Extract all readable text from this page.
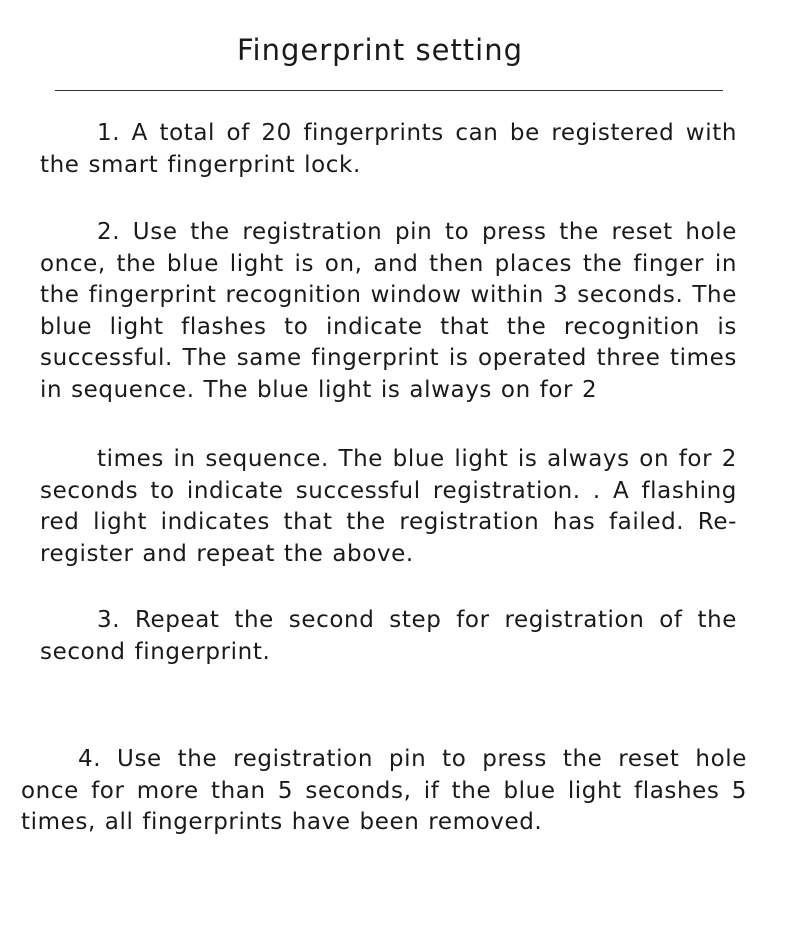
Fingerprint setting

1. A total of 20 fingerprints can be registered with the smart fingerprint lock.

2. Use the registration pin to press the reset hole once, the blue light is on, and then places the finger in the fingerprint recognition window within 3 seconds. The blue light flashes to indicate that the recognition is successful. The same fingerprint is operated three times in sequence. The blue light is always on for 2

times in sequence. The blue light is always on for 2 seconds to indicate successful registration. . A flashing red light indicates that the registration has failed. Re-register and repeat the above.

3. Repeat the second step for registration of the second fingerprint.

4. Use the registration pin to press the reset hole once for more than 5 seconds, if the blue light flashes 5 times, all fingerprints have been removed.
